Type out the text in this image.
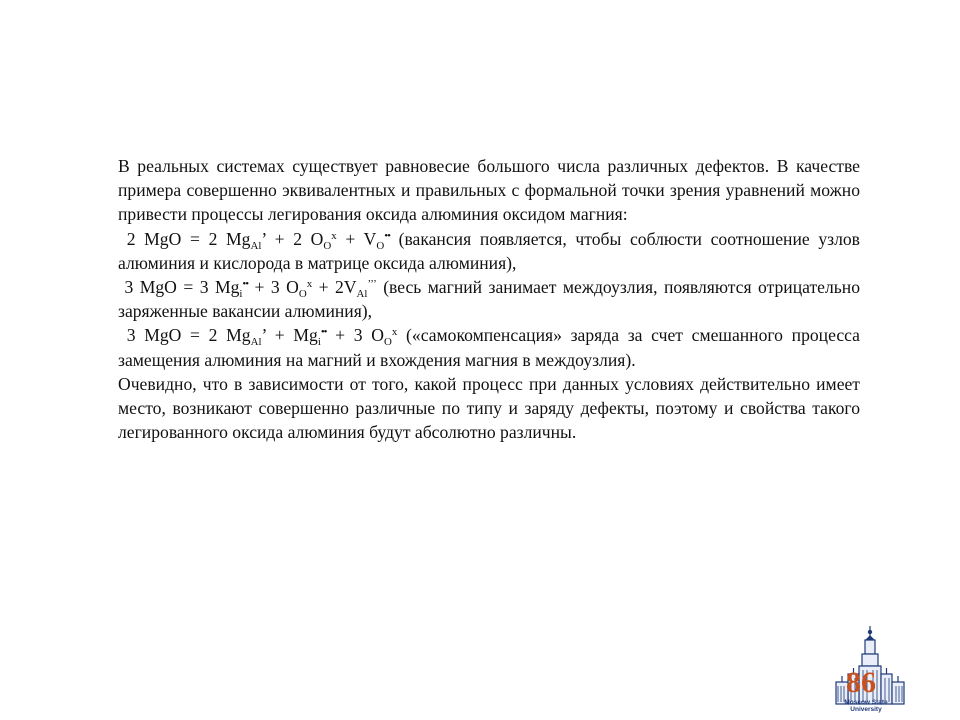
В реальных системах существует равновесие большого числа различных дефектов. В качестве примера совершенно эквивалентных и правильных с формальной точки зрения уравнений можно привести процессы легирования оксида алюминия оксидом магния:

2 MgO = 2 $Mg_{Al}$’ + 2 $O_O^x + V_O^{••}$ (вакансия появляется, чтобы соблюсти соотношение узлов алюминия и кислорода в матрице оксида алюминия),

3 MgO = 3 $Mg_i^{••} + 3$ $O_O^x + 2V_{Al}^{’’’}$ (весь магний занимает междоузлия, появляются отрицательно заряженные вакансии алюминия),

3 MgO = 2 $Mg_{Al}$’ + $Mg_i^{••} + 3$ $O_O^x$ («самокомпенсация» заряда за счет смешанного процесса замещения алюминия на магний и вхождения магния в междоузлия).

Очевидно, что в зависимости от того, какой процесс при данных условиях действительно имеет место, возникают совершенно различные по типу и заряду дефекты, поэтому и свойства такого легированного оксида алюминия будут абсолютно различны.

86
Moscow State University
